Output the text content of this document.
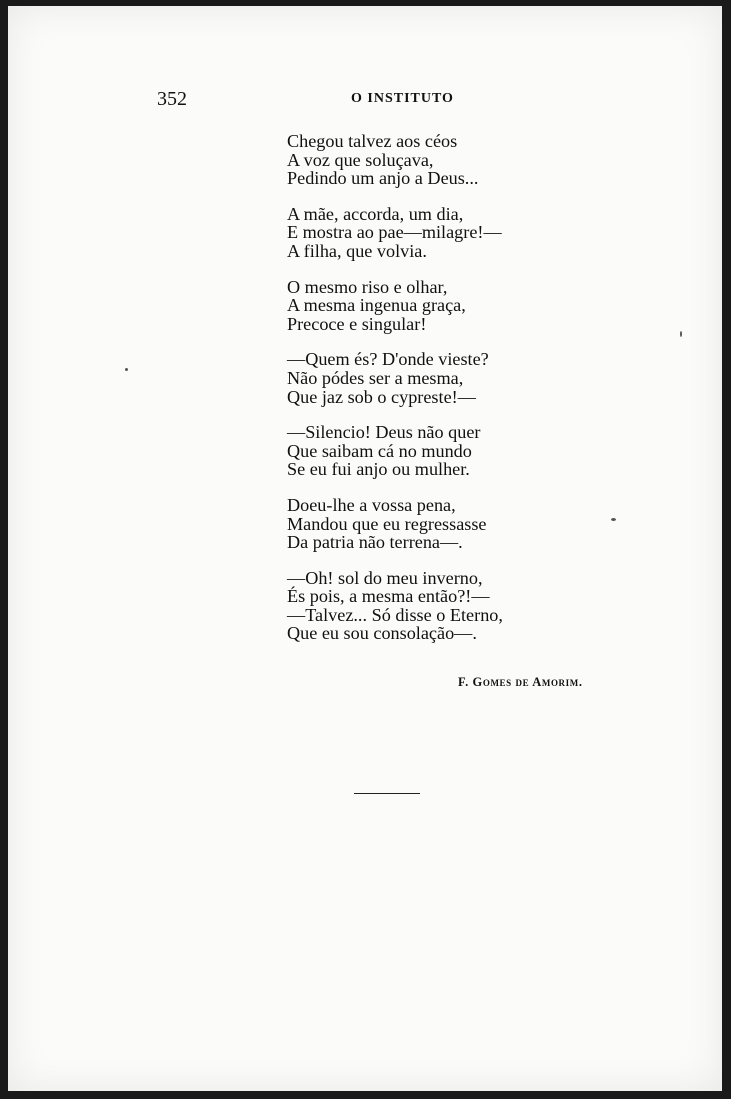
352	O INSTITUTO
Chegou talvez aos céos
A voz que soluçava,
Pedindo um anjo a Deus...
A mãe, accorda, um dia,
E mostra ao pae—milagre!—
A filha, que volvia.
O mesmo riso e olhar,
A mesma ingenua graça,
Precoce e singular!
—Quem és? D'onde vieste?
Não pódes ser a mesma,
Que jaz sob o cypreste!—
—Silencio! Deus não quer
Que saibam cá no mundo
Se eu fui anjo ou mulher.
Doeu-lhe a vossa pena,
Mandou que eu regressasse
Da patria não terrena—.
—Oh! sol do meu inverno,
És pois, a mesma então?!—
—Talvez... Só disse o Eterno,
Que eu sou consolação—.
F. Gomes de Amorim.
